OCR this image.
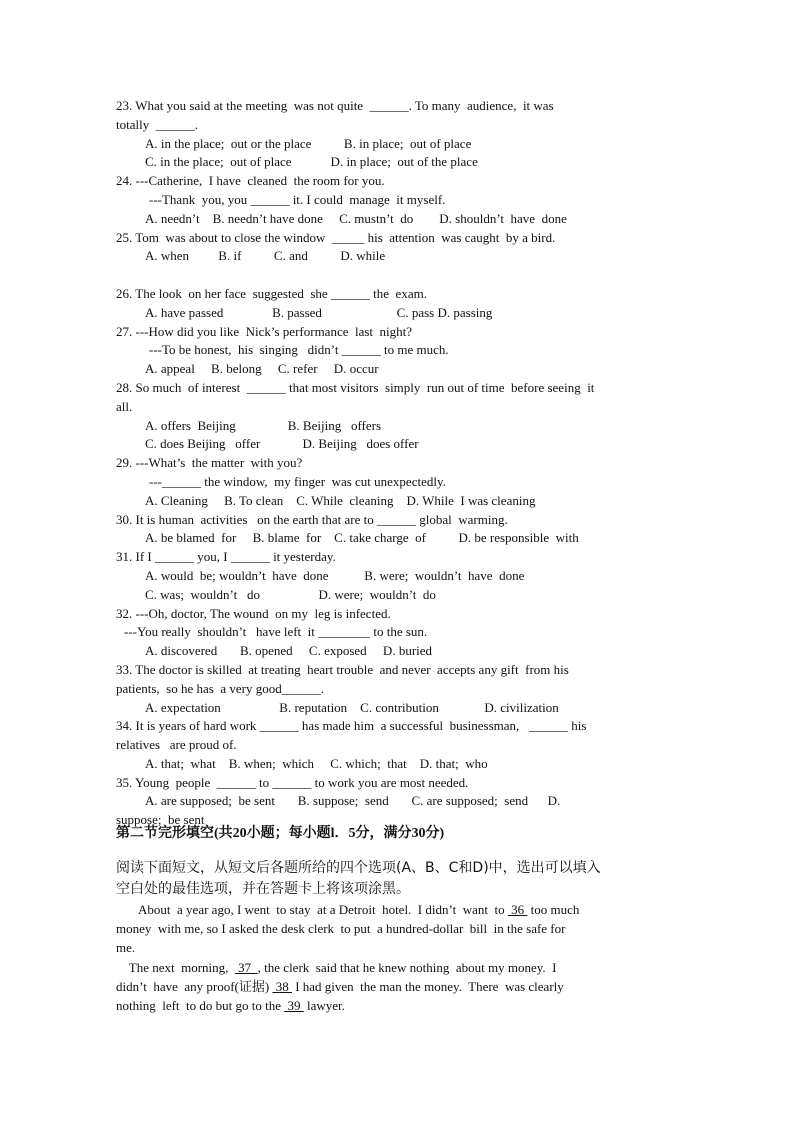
23. What you said at the meeting  was not quite  ______. To many  audience,  it was
totally  ______.
A. in the place;  out or the place          B. in place;  out of place
C. in the place;  out of place            D. in place;  out of the place
24. ---Catherine,  I have  cleaned  the room for you.
---Thank  you, you ______ it. I could  manage  it myself.
A. needn’t    B. needn’t have done     C. mustn’t  do        D. shouldn’t  have  done
25. Tom  was about to close the window  _____ his  attention  was caught  by a bird.
A. when         B. if          C. and          D. while
26. The look  on her face  suggested  she ______ the  exam.
A. have passed               B. passed                       C. pass D. passing
27. ---How did you like  Nick’s performance  last  night?
---To be honest,  his  singing   didn’t ______ to me much.
A. appeal     B. belong     C. refer     D. occur
28. So much  of interest  ______ that most visitors  simply  run out of time  before seeing  it
all.
A. offers  Beijing                B. Beijing   offers
C. does Beijing   offer             D. Beijing   does offer
29. ---What’s  the matter  with you?
---______ the window,  my finger  was cut unexpectedly.
A. Cleaning     B. To clean    C. While  cleaning    D. While  I was cleaning
30. It is human  activities   on the earth that are to ______ global  warming.
A. be blamed  for     B. blame  for    C. take charge  of          D. be responsible  with
31. If I ______ you, I ______ it yesterday.
A. would  be; wouldn’t  have  done           B. were;  wouldn’t  have  done
C. was;  wouldn’t   do                  D. were;  wouldn’t  do
32. ---Oh, doctor, The wound  on my  leg is infected.
---You really  shouldn’t   have left  it ________ to the sun.
A. discovered       B. opened     C. exposed     D. buried
33. The doctor is skilled  at treating  heart trouble  and never  accepts any gift  from his
patients,  so he has  a very good______.
A. expectation                  B. reputation    C. contribution              D. civilization
34. It is years of hard work ______ has made him  a successful  businessman,   ______ his
relatives   are proud of.
A. that;  what    B. when;  which     C. which;  that    D. that;  who
35. Young  people  ______ to ______ to work you are most needed.
A. are supposed;  be sent       B. suppose;  send       C. are supposed;  send      D.
suppose;  be sent
第二节完形填空(共20小题；每小题l．5分，满分30分)
阅读下面短文，从短文后各题所给的四个选项(A、B、C和D)中，选出可以填入
空白处的最佳选项，并在答题卡上将该项涂黑。
About  a year ago, I went  to stay  at a Detroit  hotel.  I didn’t  want  to  36  too much
money  with me, so I asked the desk clerk  to put  a hundred-dollar  bill  in the safe for
me.
The next  morning,   37  , the clerk  said that he knew nothing  about my money.  I
didn’t  have  any proof(证据)  38  I had given  the man the money.  There  was clearly
nothing  left  to do but go to the  39  lawyer.
